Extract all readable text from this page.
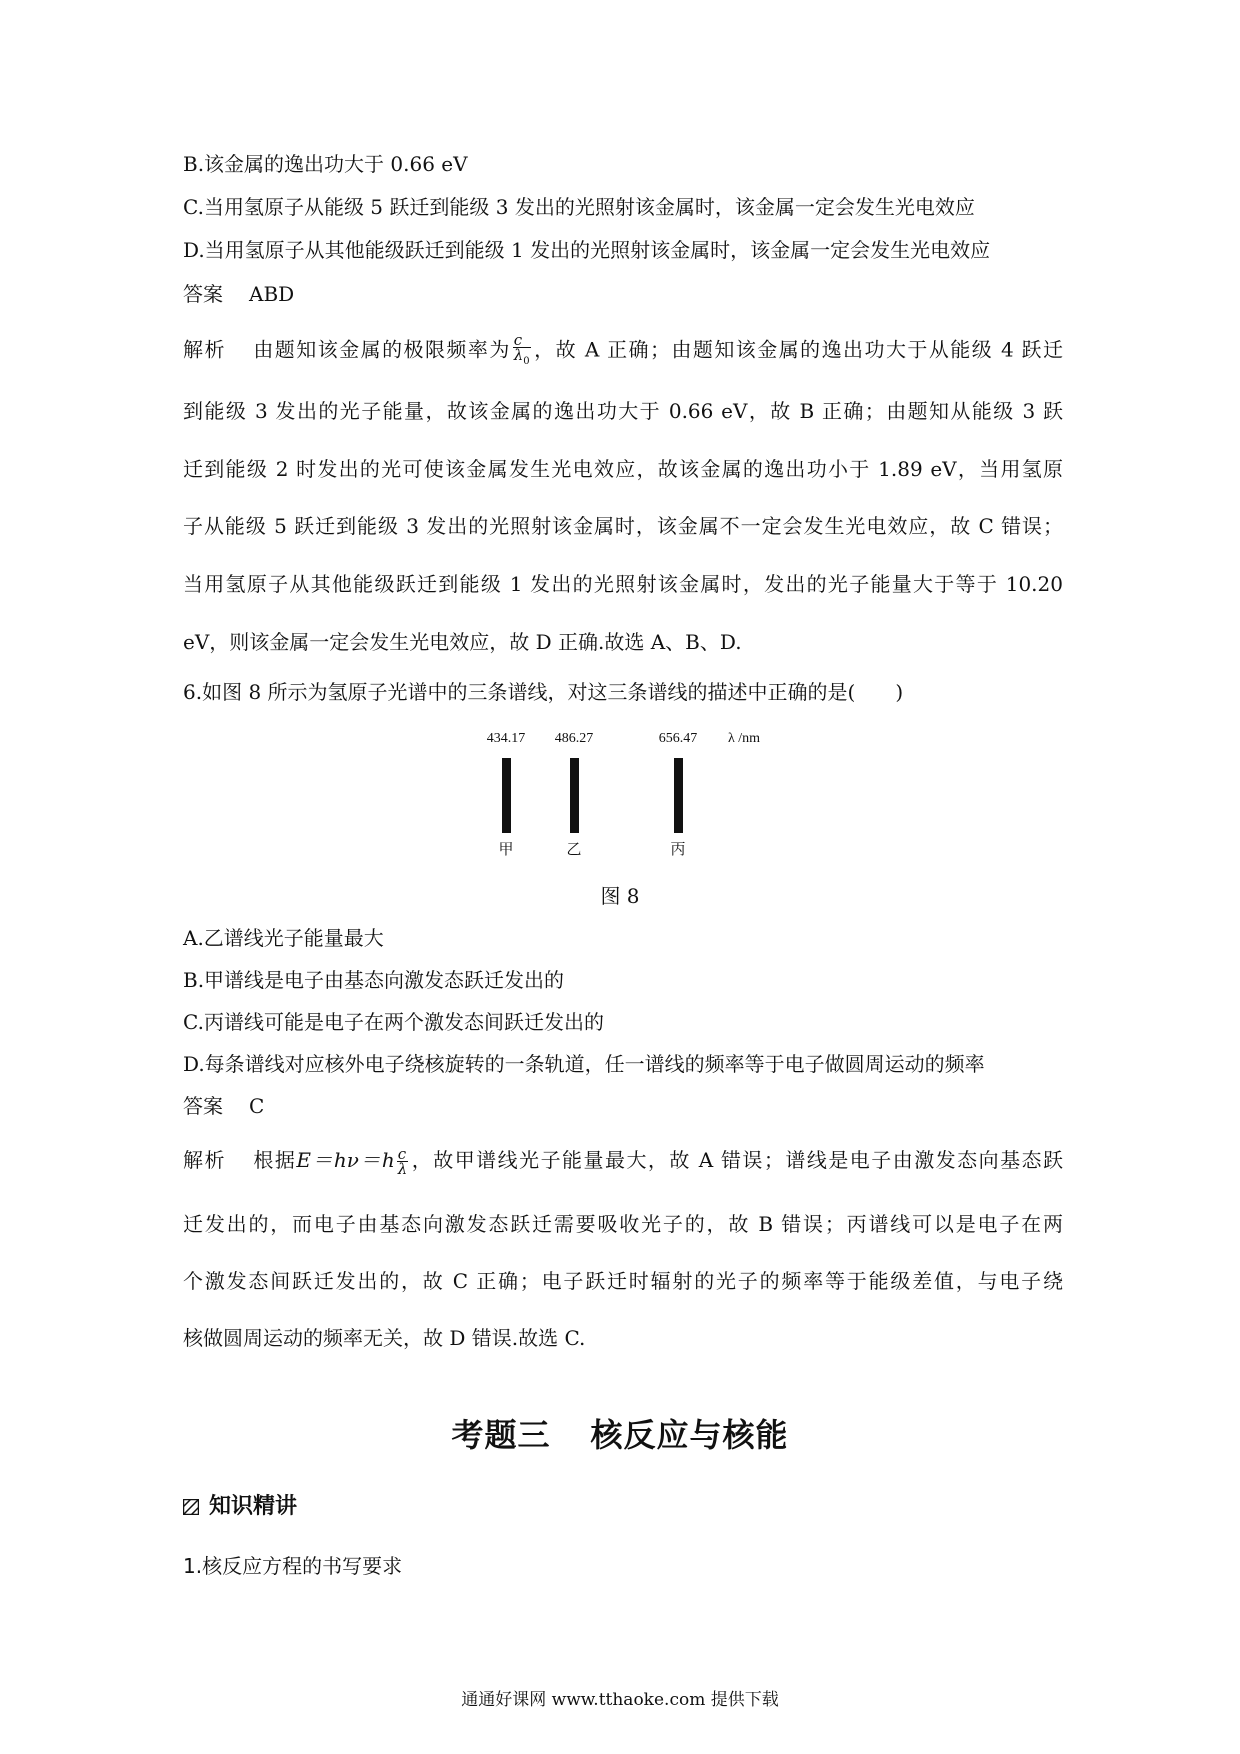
B.该金属的逸出功大于 0.66 eV
C.当用氢原子从能级 5 跃迁到能级 3 发出的光照射该金属时，该金属一定会发生光电效应
D.当用氢原子从其他能级跃迁到能级 1 发出的光照射该金属时，该金属一定会发生光电效应
答案 ABD
解析 由题知该金属的极限频率为 $\frac{c}{\lambda_0}$ ，故 A 正确；由题知该金属的逸出功大于从能级 4 跃迁
到能级 3 发出的光子能量，故该金属的逸出功大于 0.66 eV，故 B 正确；由题知从能级 3 跃
迁到能级 2 时发出的光可使该金属发生光电效应，故该金属的逸出功小于 1.89 eV，当用氢原
子从能级 5 跃迁到能级 3 发出的光照射该金属时，该金属不一定会发生光电效应，故 C 错误；
当用氢原子从其他能级跃迁到能级 1 发出的光照射该金属时，发出的光子能量大于等于 10.20
eV，则该金属一定会发生光电效应，故 D 正确.故选 A、B、D.
6.如图 8 所示为氢原子光谱中的三条谱线，对这三条谱线的描述中正确的是(　　)
434.17 486.27	656.47 λ /nm
甲	乙	丙
图 8
A.乙谱线光子能量最大
B.甲谱线是电子由基态向激发态跃迁发出的
C.丙谱线可能是电子在两个激发态间跃迁发出的
D.每条谱线对应核外电子绕核旋转的一条轨道，任一谱线的频率等于电子做圆周运动的频率
答案 C
解析 根据$E=h\nu=h \frac{c}{\lambda}$ ，故甲谱线光子能量最大，故 A 错误；谱线是电子由激发态向基态跃
迁发出的，而电子由基态向激发态跃迁需要吸收光子的，故 B 错误；丙谱线可以是电子在两
个激发态间跃迁发出的，故 C 正确；电子跃迁时辐射的光子的频率等于能级差值，与电子绕
核做圆周运动的频率无关，故 D 错误.故选 C.
考题三 核反应与核能
知识精讲
1.核反应方程的书写要求
通通好课网 www.tthaoke.com 提供下载
